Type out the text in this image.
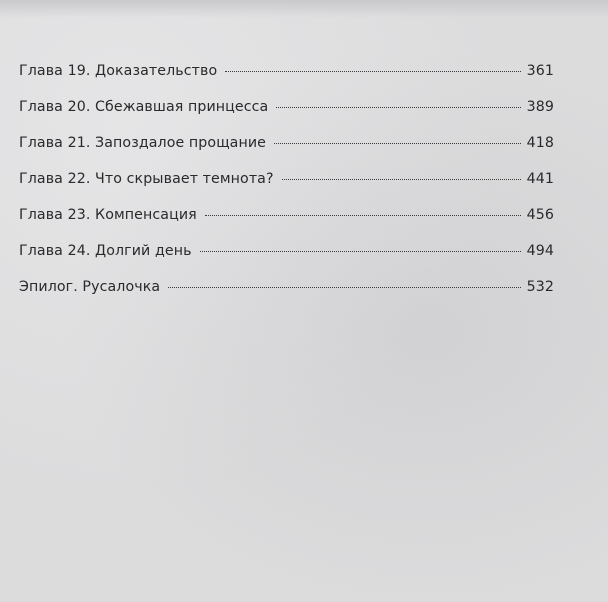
Глава 19. Доказательство	361
Глава 20. Сбежавшая принцесса	389
Глава 21. Запоздалое прощание	418
Глава 22. Что скрывает темнота?	441
Глава 23. Компенсация	456
Глава 24. Долгий день	494
Эпилог. Русалочка	532
